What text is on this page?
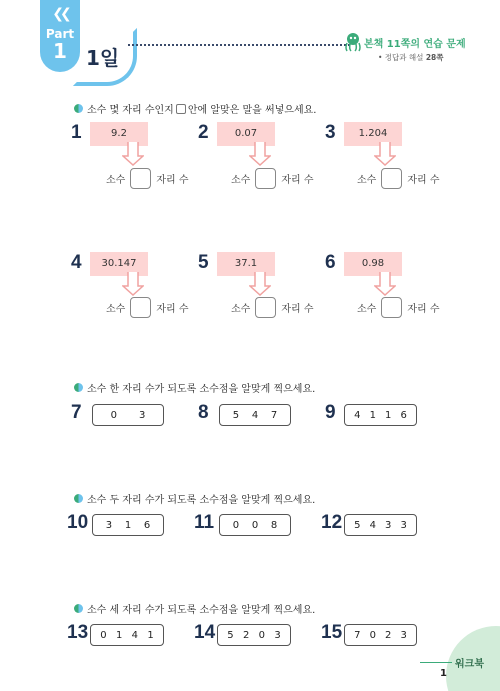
❮❮
Part
1 1일
본책 11쪽의 연습 문제
• 정답과 해설 28쪽
소수 몇 자리 수인지 안에 알맞은 말을 써넣으세요.
1	9.2
소수	자리 수
2	0.07
소수	자리 수
3	1.204
소수	자리 수
4	30.147
소수	자리 수
5	37.1
소수	자리 수
6	0.98
소수	자리 수
소수 한 자리 수가 되도록 소수점을 알맞게 찍으세요.
7	0 3	8 5 4 7	9 4 1 1 6
소수 두 자리 수가 되도록 소수점을 알맞게 찍으세요.
10 3 1 6 11 0 0 8 12 5 4 3 3
소수 세 자리 수가 되도록 소수점을 알맞게 찍으세요.
13 0 1 4 1 14 5 2 0 3 15 7 0 2 3
워크북
1
